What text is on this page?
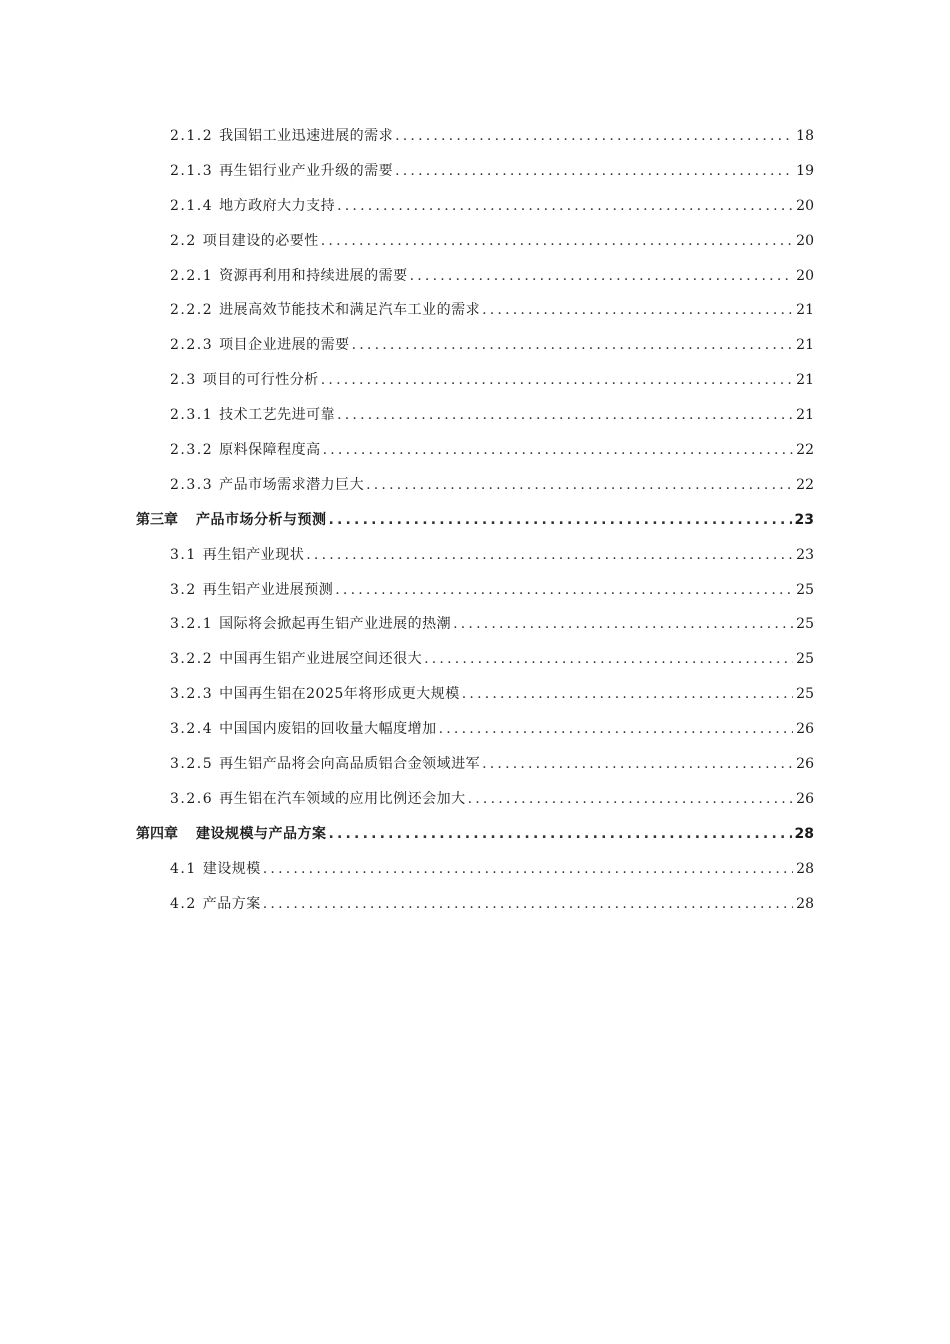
2.1.2 我国铝工业迅速进展的需求 .....	18
2.1.3 再生铝行业产业升级的需要 .....	19
2.1.4 地方政府大力支持 .....	20
2.2 项目建设的必要性 .....	20
2.2.1 资源再利用和持续进展的需要 .....	20
2.2.2 进展高效节能技术和满足汽车工业的需求 .....	21
2.2.3 项目企业进展的需要 .....	21
2.3 项目的可行性分析 .....	21
2.3.1 技术工艺先进可靠 .....	21
2.3.2 原料保障程度高 .....	22
2.3.3 产品市场需求潜力巨大 .....	22
第三章 产品市场分析与预测 .....	23
3.1 再生铝产业现状 .....	23
3.2 再生铝产业进展预测 .....	25
3.2.1 国际将会掀起再生铝产业进展的热潮 .....	25
3.2.2 中国再生铝产业进展空间还很大 .....	25
3.2.3 中国再生铝在2025年将形成更大规模 .....	25
3.2.4 中国国内废铝的回收量大幅度增加 .....	26
3.2.5 再生铝产品将会向高品质铝合金领域进军 .....	26
3.2.6 再生铝在汽车领域的应用比例还会加大 .....	26
第四章 建设规模与产品方案 .....	28
4.1 建设规模 .....	28
4.2 产品方案 .....	28
